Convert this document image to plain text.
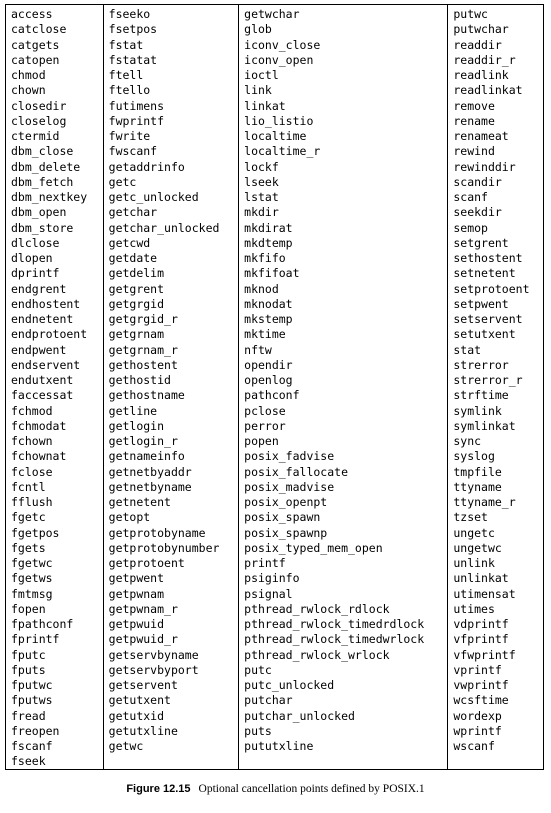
access
catclose
catgets
catopen
chmod
chown
closedir
closelog
ctermid
dbm_close
dbm_delete
dbm_fetch
dbm_nextkey
dbm_open
dbm_store
dlclose
dlopen
dprintf
endgrent
endhostent
endnetent
endprotoent
endpwent
endservent
endutxent
faccessat
fchmod
fchmodat
fchown
fchownat
fclose
fcntl
fflush
fgetc
fgetpos
fgets
fgetwc
fgetws
fmtmsg
fopen
fpathconf
fprintf
fputc
fputs
fputwc
fputws
fread
freopen
fscanf
fseek
fseeko
fsetpos
fstat
fstatat
ftell
ftello
futimens
fwprintf
fwrite
fwscanf
getaddrinfo
getc
getc_unlocked
getchar
getchar_unlocked
getcwd
getdate
getdelim
getgrent
getgrgid
getgrgid_r
getgrnam
getgrnam_r
gethostent
gethostid
gethostname
getline
getlogin
getlogin_r
getnameinfo
getnetbyaddr
getnetbyname
getnetent
getopt
getprotobyname
getprotobynumber
getprotoent
getpwent
getpwnam
getpwnam_r
getpwuid
getpwuid_r
getservbyname
getservbyport
getservent
getutxent
getutxid
getutxline
getwc
getwchar
glob
iconv_close
iconv_open
ioctl
link
linkat
lio_listio
localtime
localtime_r
lockf
lseek
lstat
mkdir
mkdirat
mkdtemp
mkfifo
mkfifoat
mknod
mknodat
mkstemp
mktime
nftw
opendir
openlog
pathconf
pclose
perror
popen
posix_fadvise
posix_fallocate
posix_madvise
posix_openpt
posix_spawn
posix_spawnp
posix_typed_mem_open
printf
psiginfo
psignal
pthread_rwlock_rdlock
pthread_rwlock_timedrdlock
pthread_rwlock_timedwrlock
pthread_rwlock_wrlock
putc
putc_unlocked
putchar
putchar_unlocked
puts
pututxline
putwc
putwchar
readdir
readdir_r
readlink
readlinkat
remove
rename
renameat
rewind
rewinddir
scandir
scanf
seekdir
semop
setgrent
sethostent
setnetent
setprotoent
setpwent
setservent
setutxent
stat
strerror
strerror_r
strftime
symlink
symlinkat
sync
syslog
tmpfile
ttyname
ttyname_r
tzset
ungetc
ungetwc
unlink
unlinkat
utimensat
utimes
vdprintf
vfprintf
vfwprintf
vprintf
vwprintf
wcsftime
wordexp
wprintf
wscanf
Figure 12.15 Optional cancellation points defined by POSIX.1
